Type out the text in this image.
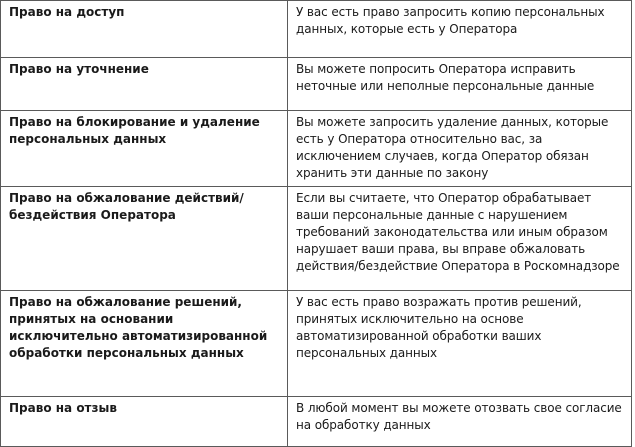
Право на доступ	У вас есть право запросить копию персональных данных, которые есть у Оператора
Право на уточнение	Вы можете попросить Оператора исправить неточные или неполные персональные данные
Право на блокирование и удаление персональных данных	Вы можете запросить удаление данных, которые есть у Оператора относительно вас, за исключением случаев, когда Оператор обязан хранить эти данные по закону
Право на обжалование действий/бездействия Оператора	Если вы считаете, что Оператор обрабатывает ваши персональные данные с нарушением требований законодательства или иным образом нарушает ваши права, вы вправе обжаловать действия/бездействие Оператора в Роскомнадзоре
Право на обжалование решений, принятых на основании исключительно автоматизированной обработки персональных данных	У вас есть право возражать против решений, принятых исключительно на основе автоматизированной обработки ваших персональных данных
Право на отзыв	В любой момент вы можете отозвать свое согласие на обработку данных
